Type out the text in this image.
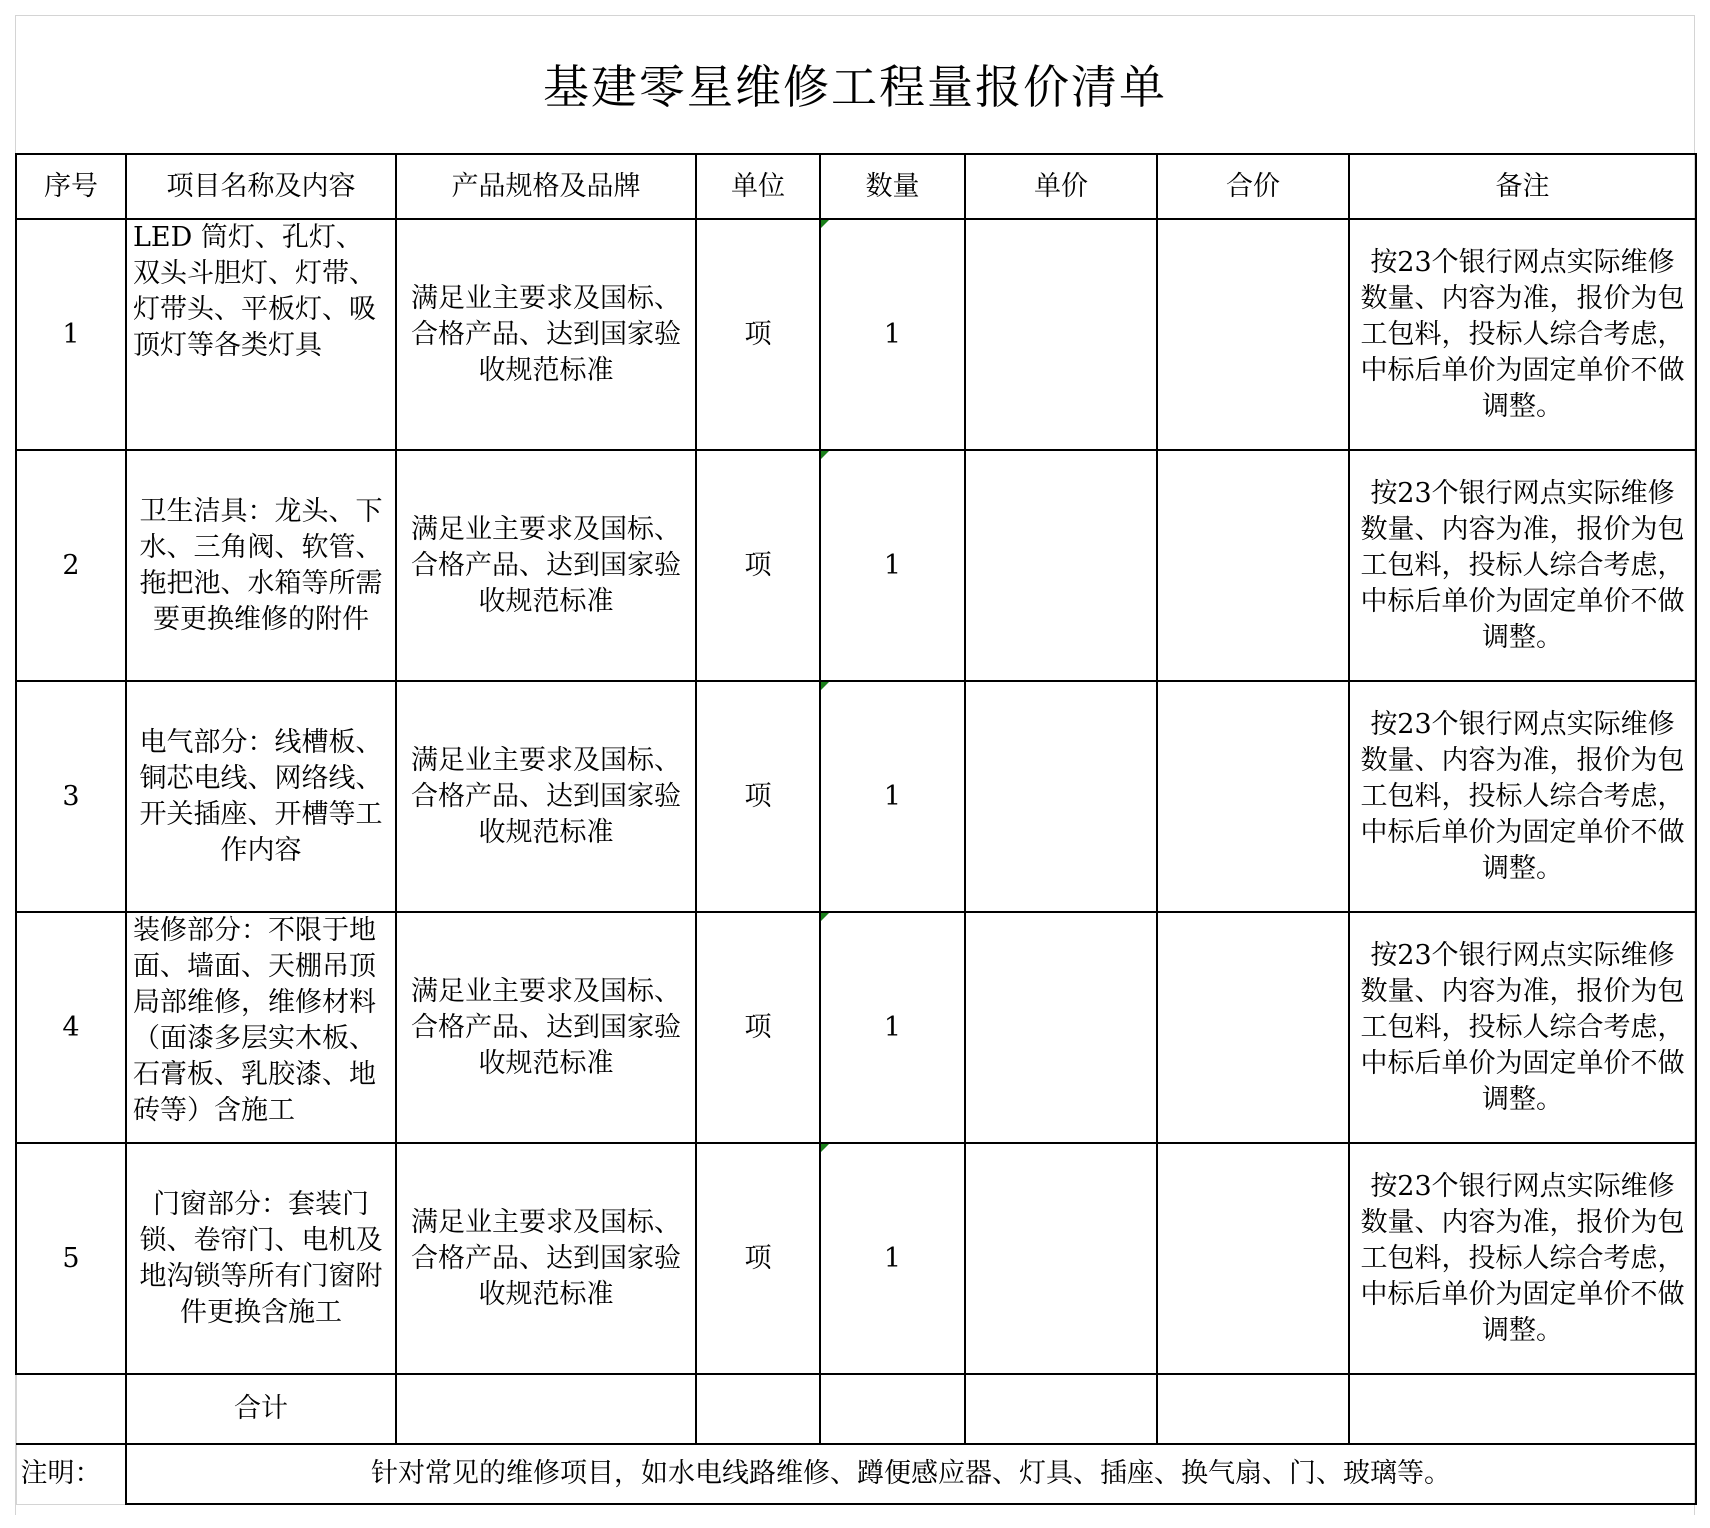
基建零星维修工程量报价清单
序号	项目名称及内容	产品规格及品牌	单位	数量	单价	合价	备注
1	LED 筒灯、孔灯、双头斗胆灯、灯带、灯带头、平板灯、吸顶灯等各类灯具	满足业主要求及国标、合格产品、达到国家验收规范标准	项	1			按23个银行网点实际维修数量、内容为准，报价为包工包料，投标人综合考虑，中标后单价为固定单价不做调整。
2	卫生洁具：龙头、下水、三角阀、软管、拖把池、水箱等所需要更换维修的附件	满足业主要求及国标、合格产品、达到国家验收规范标准	项	1			按23个银行网点实际维修数量、内容为准，报价为包工包料，投标人综合考虑，中标后单价为固定单价不做调整。
3	电气部分：线槽板、铜芯电线、网络线、开关插座、开槽等工作内容	满足业主要求及国标、合格产品、达到国家验收规范标准	项	1			按23个银行网点实际维修数量、内容为准，报价为包工包料，投标人综合考虑，中标后单价为固定单价不做调整。
4	装修部分：不限于地面、墙面、天棚吊顶局部维修，维修材料（面漆多层实木板、石膏板、乳胶漆、地砖等）含施工	满足业主要求及国标、合格产品、达到国家验收规范标准	项	1			按23个银行网点实际维修数量、内容为准，报价为包工包料，投标人综合考虑，中标后单价为固定单价不做调整。
5	门窗部分：套装门锁、卷帘门、电机及地沟锁等所有门窗附件更换含施工	满足业主要求及国标、合格产品、达到国家验收规范标准	项	1			按23个银行网点实际维修数量、内容为准，报价为包工包料，投标人综合考虑，中标后单价为固定单价不做调整。
	合计						
注明：	针对常见的维修项目，如水电线路维修、蹲便感应器、灯具、插座、换气扇、门、玻璃等。						
